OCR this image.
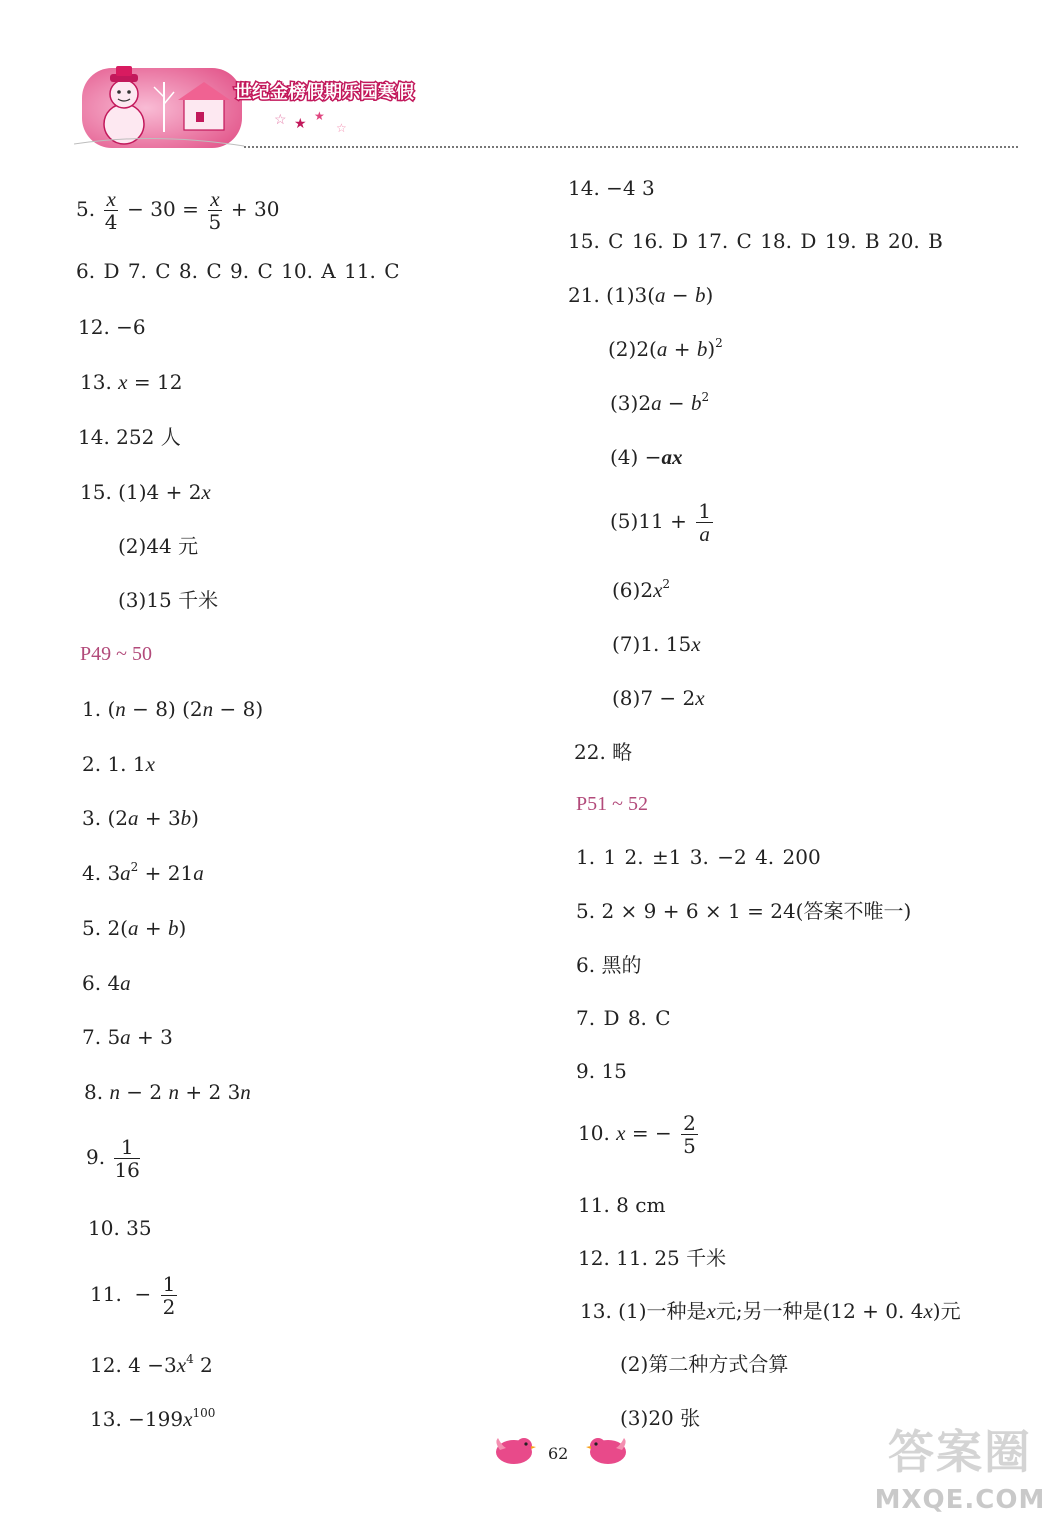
世纪金榜假期乐园寒假
☆ ★ ★
☆
5. $\frac{x}{4} - 30 = \frac{x}{5} + 30$
6. D 7. C 8. C 9. C 10. A 11. C
12. −6
13. x = 12
14. 252 人
15. (1)4 + 2x
(2)44 元
(3)15 千米
P49 ~ 50
1. (n − 8) (2n − 8)
2. 1. 1x
3. (2a + 3b)
4. $3a^2 + 21a$
5. 2(a + b)
6. 4a
7. 5a + 3
8. n − 2 n + 2 3n
9. $\frac{1}{16}$
10. 35
11. − $\frac{1}{2}$
12. $4 -3x^4$ 2
13. $-199x^{100}$
14. −4 3
15. C 16. D 17. C 18. D 19. B 20. B
21. (1)3(a − b)
$(2)2(a + b)^2$
$(3)2a - b^2$
(4) −ax
$(5)11 + \frac{1}{a}$
$(6)2x^2$
(7)1. 15x
(8)7 − 2x
22. 略
P51 ~ 52
1. 1 2. ±1 3. −2 4. 200
5. 2 × 9 + 6 × 1 = 24(答案不唯一)
6. 黑的
7. D 8. C
9. 15
10. x = − $\frac{2}{5}$
11. 8 cm
12. 11. 25 千米
13. (1)一种是x元;另一种是(12 + 0. 4x)元
(2)第二种方式合算
(3)20 张
62	答案圈
MXQE.COM
